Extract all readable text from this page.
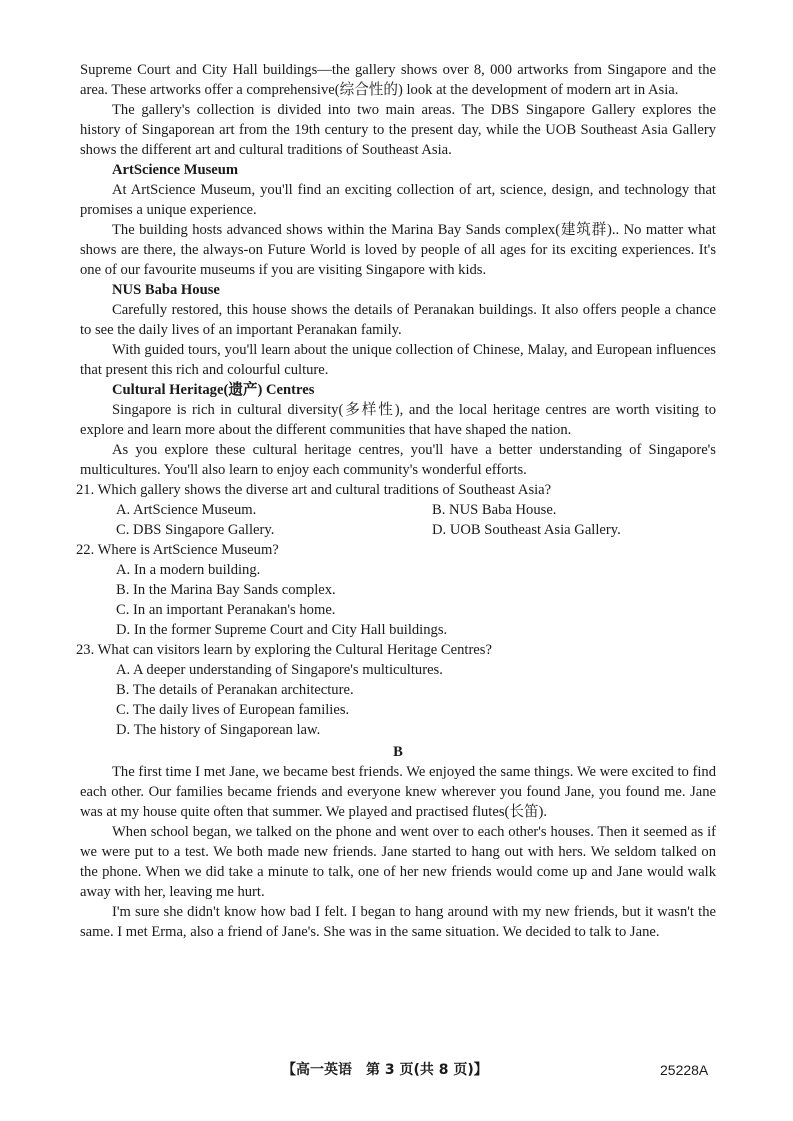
Supreme Court and City Hall buildings—the gallery shows over 8, 000 artworks from Singapore and the area. These artworks offer a comprehensive(综合性的) look at the development of modern art in Asia.

The gallery's collection is divided into two main areas. The DBS Singapore Gallery explores the history of Singaporean art from the 19th century to the present day, while the UOB Southeast Asia Gallery shows the different art and cultural traditions of Southeast Asia.

ArtScience Museum

At ArtScience Museum, you'll find an exciting collection of art, science, design, and technology that promises a unique experience.

The building hosts advanced shows within the Marina Bay Sands complex(建筑群).. No matter what shows are there, the always-on Future World is loved by people of all ages for its exciting experiences. It's one of our favourite museums if you are visiting Singapore with kids.

NUS Baba House

Carefully restored, this house shows the details of Peranakan buildings. It also offers people a chance to see the daily lives of an important Peranakan family.

With guided tours, you'll learn about the unique collection of Chinese, Malay, and European influences that present this rich and colourful culture.

Cultural Heritage(遗产) Centres

Singapore is rich in cultural diversity(多样性), and the local heritage centres are worth visiting to explore and learn more about the different communities that have shaped the nation.

As you explore these cultural heritage centres, you'll have a better understanding of Singapore's multicultures. You'll also learn to enjoy each community's wonderful efforts.

21. Which gallery shows the diverse art and cultural traditions of Southeast Asia?

A. ArtScience Museum.	B. NUS Baba House.
C. DBS Singapore Gallery.	D. UOB Southeast Asia Gallery.

22. Where is ArtScience Museum?

A. In a modern building.

B. In the Marina Bay Sands complex.

C. In an important Peranakan's home.

D. In the former Supreme Court and City Hall buildings.

23. What can visitors learn by exploring the Cultural Heritage Centres?

A. A deeper understanding of Singapore's multicultures.

B. The details of Peranakan architecture.

C. The daily lives of European families.

D. The history of Singaporean law.

B

The first time I met Jane, we became best friends. We enjoyed the same things. We were excited to find each other. Our families became friends and everyone knew wherever you found Jane, you found me. Jane was at my house quite often that summer. We played and practised flutes(长笛).

When school began, we talked on the phone and went over to each other's houses. Then it seemed as if we were put to a test. We both made new friends. Jane started to hang out with hers. We seldom talked on the phone. When we did take a minute to talk, one of her new friends would come up and Jane would walk away with her, leaving me hurt.

I'm sure she didn't know how bad I felt. I began to hang around with my new friends, but it wasn't the same. I met Erma, also a friend of Jane's. She was in the same situation. We decided to talk to Jane.

【高一英语　第 3 页(共 8 页)】	25228A
